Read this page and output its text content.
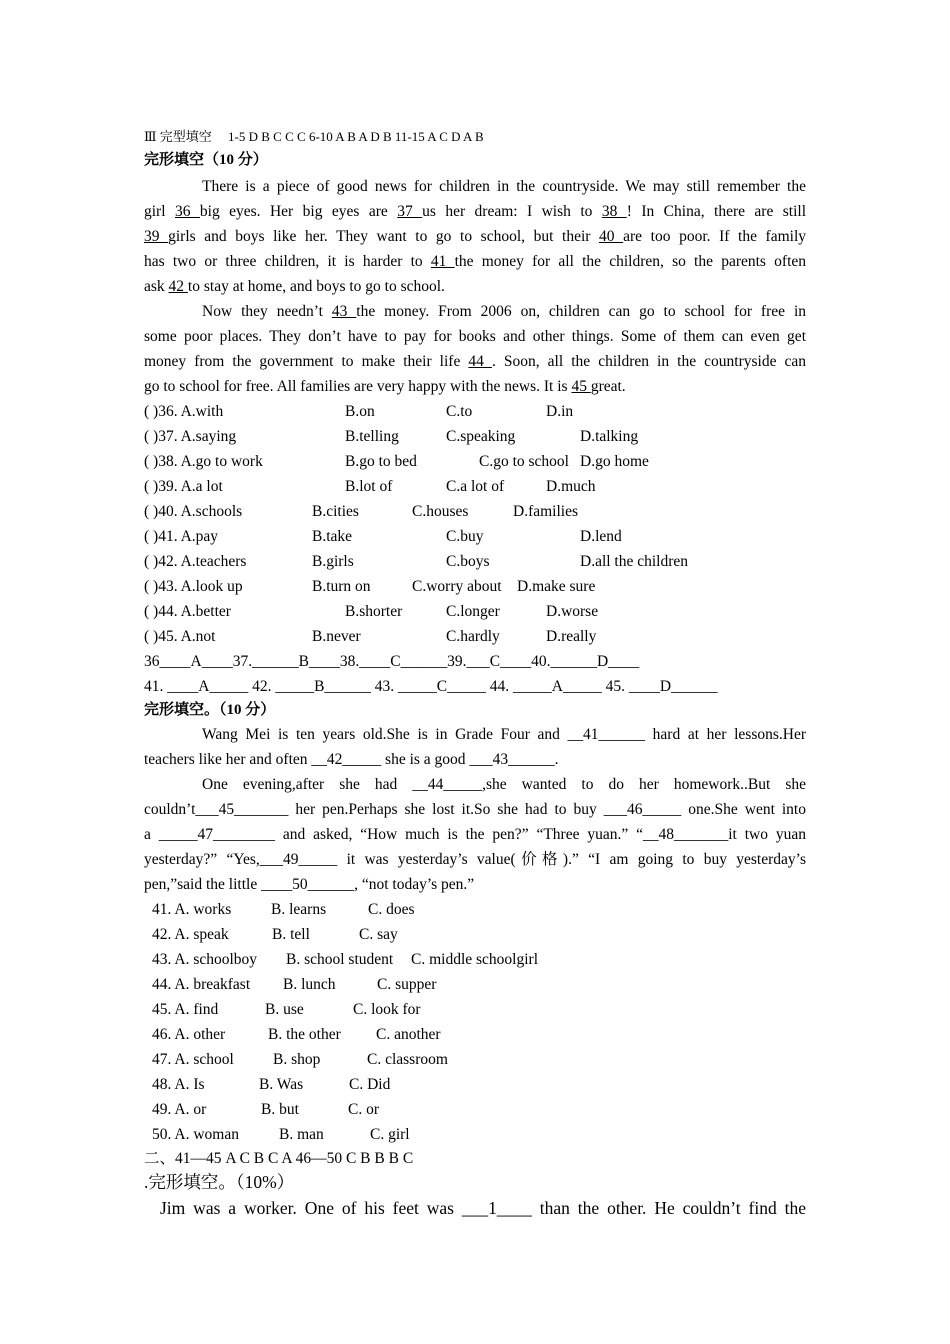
Ⅲ 完型填空　 1-5 D B C C C 6-10 A B A D B 11-15 A C D A B
完形填空（10 分）
There is a piece of good news for children in the countryside. We may still remember the
girl 36 big eyes. Her big eyes are 37 us her dream: I wish to 38 ! In China, there are still
39 girls and boys like her. They want to go to school, but their 40 are too poor. If the family
has two or three children, it is harder to 41 the money for all the children, so the parents often
ask 42 to stay at home, and boys to go to school.
Now they needn’t 43 the money. From 2006 on, children can go to school for free in
some poor places. They don’t have to pay for books and other things. Some of them can even get
money from the government to make their life 44 . Soon, all the children in the countryside can
go to school for free. All families are very happy with the news. It is 45 great.
( )36. A.with	B.on	C.to	D.in
( )37. A.saying	B.telling	C.speaking	D.talking
( )38. A.go to work	B.go to bed	C.go to school D.go home
( )39. A.a lot	B.lot of	C.a lot of	D.much
( )40. A.schools	B.cities	C.houses	D.families
( )41. A.pay	B.take	C.buy	D.lend
( )42. A.teachers	B.girls	C.boys	D.all the children
( )43. A.look up	B.turn on	C.worry about D.make sure
( )44. A.better	B.shorter	C.longer	D.worse
( )45. A.not	B.never	C.hardly	D.really
36____A____37.______B____38.____C______39.___C____40.______D____
41. ____A_____ 42. _____B______ 43. _____C_____ 44. _____A_____ 45. ____D______
完形填空。（10 分）
Wang Mei is ten years old.She is in Grade Four and __41______ hard at her lessons.Her
teachers like her and often __42_____ she is a good ___43______.
One evening,after she had __44_____,she wanted to do her homework..But she
couldn’t___45_______ her pen.Perhaps she lost it.So she had to buy ___46_____ one.She went into
a _____47________ and asked, “How much is the pen?” “Three yuan.” “__48_______it two yuan
yesterday?” “Yes,___49_____ it was yesterday’s value(价格).” “I am going to buy yesterday’s
pen,”said the little ____50______, “not today’s pen.”
41. A. works	B. learns	C. does
42. A. speak	B. tell	C. say
43. A. schoolboy B. school student C. middle schoolgirl
44. A. breakfast B. lunch	C. supper
45. A. find	B. use	C. look for
46. A. other	B. the other C. another
47. A. school	B. shop	C. classroom
48. A. Is	B. Was	C. Did
49. A. or	B. but	C. or
50. A. woman	B. man	C. girl
二、41—45 A C B C A 46—50 C B B B C
.完形填空。（10%）
Jim was a worker. One of his feet was ___1____ than the other. He couldn’t find the
